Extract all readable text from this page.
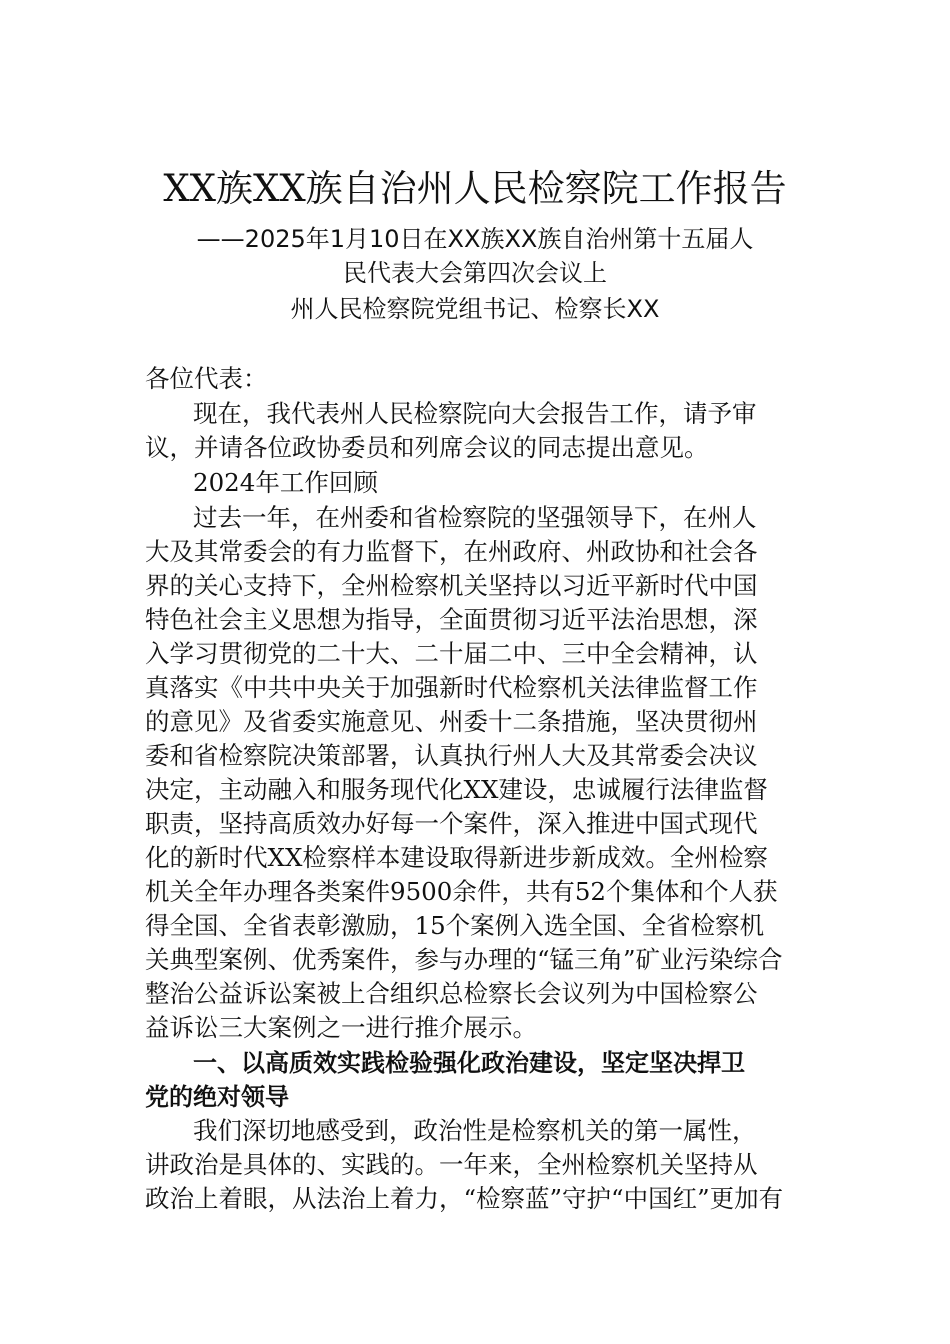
XX族XX族自治州人民检察院工作报告
——2025年1月10日在XX族XX族自治州第十五届人
民代表大会第四次会议上
州人民检察院党组书记、检察长XX
各位代表：
现在，我代表州人民检察院向大会报告工作，请予审
议，并请各位政协委员和列席会议的同志提出意见。
2024年工作回顾
过去一年，在州委和省检察院的坚强领导下，在州人
大及其常委会的有力监督下，在州政府、州政协和社会各
界的关心支持下，全州检察机关坚持以习近平新时代中国
特色社会主义思想为指导，全面贯彻习近平法治思想，深
入学习贯彻党的二十大、二十届二中、三中全会精神，认
真落实《中共中央关于加强新时代检察机关法律监督工作
的意见》及省委实施意见、州委十二条措施，坚决贯彻州
委和省检察院决策部署，认真执行州人大及其常委会决议
决定，主动融入和服务现代化XX建设，忠诚履行法律监督
职责，坚持高质效办好每一个案件，深入推进中国式现代
化的新时代XX检察样本建设取得新进步新成效。全州检察
机关全年办理各类案件9500余件，共有52个集体和个人获
得全国、全省表彰激励，15个案例入选全国、全省检察机
关典型案例、优秀案件，参与办理的“锰三角”矿业污染综合
整治公益诉讼案被上合组织总检察长会议列为中国检察公
益诉讼三大案例之一进行推介展示。
一、以高质效实践检验强化政治建设，坚定坚决捍卫
党的绝对领导
我们深切地感受到，政治性是检察机关的第一属性，
讲政治是具体的、实践的。一年来，全州检察机关坚持从
政治上着眼，从法治上着力，“检察蓝”守护“中国红”更加有
